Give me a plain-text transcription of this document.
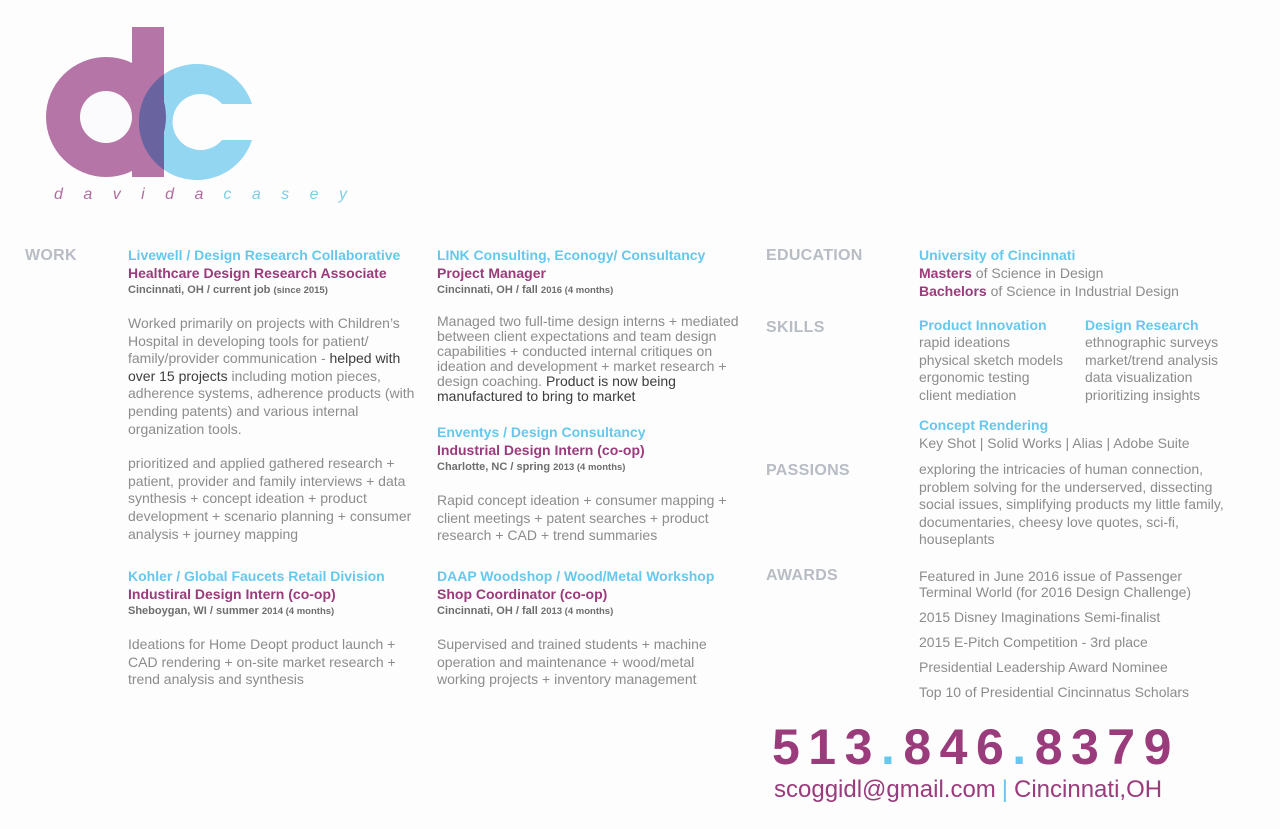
d a v i d a c a s e y
WORK	EDUCATION
SKILLS
PASSIONS
AWARDS
Livewell / Design Research Collaborative
Healthcare Design Research Associate
Cincinnati, OH / current job (since 2015)
Worked primarily on projects with Children’s Hospital in developing tools for patient/ family/provider communication - helped with over 15 projects including motion pieces, adherence systems, adherence products (with pending patents) and various internal organization tools.
prioritized and applied gathered research + patient, provider and family interviews + data synthesis + concept ideation + product development + scenario planning + consumer analysis + journey mapping
Kohler / Global Faucets Retail Division
Industiral Design Intern (co-op)
Sheboygan, WI / summer 2014 (4 months)
Ideations for Home Deopt product launch + CAD rendering + on-site market research + trend analysis and synthesis
LINK Consulting, Econogy/ Consultancy
Project Manager
Cincinnati, OH / fall 2016 (4 months)
Managed two full-time design interns + mediated between client expectations and team design capabilities + conducted internal critiques on ideation and development + market research + design coaching. Product is now being manufactured to bring to market
Enventys / Design Consultancy
Industrial Design Intern (co-op)
Charlotte, NC / spring 2013 (4 months)
Rapid concept ideation + consumer mapping + client meetings + patent searches + product research + CAD + trend summaries
DAAP Woodshop / Wood/Metal Workshop
Shop Coordinator (co-op)
Cincinnati, OH / fall 2013 (4 months)
Supervised and trained students + machine operation and maintenance + wood/metal working projects + inventory management
University of Cincinnati
Masters of Science in Design
Bachelors of Science in Industrial Design
Product Innovation
rapid ideations
physical sketch models
ergonomic testing
client mediation
Design Research
ethnographic surveys
market/trend analysis
data visualization
prioritizing insights
Concept Rendering
Key Shot | Solid Works | Alias | Adobe Suite
exploring the intricacies of human connection, problem solving for the underserved, dissecting social issues, simplifying products my little family, documentaries, cheesy love quotes, sci-fi, houseplants
Featured in June 2016 issue of Passenger Terminal World (for 2016 Design Challenge)
2015 Disney Imaginations Semi-finalist
2015 E-Pitch Competition - 3rd place
Presidential Leadership Award Nominee
Top 10 of Presidential Cincinnatus Scholars
513.846.8379
scoggidl@gmail.com | Cincinnati,OH
